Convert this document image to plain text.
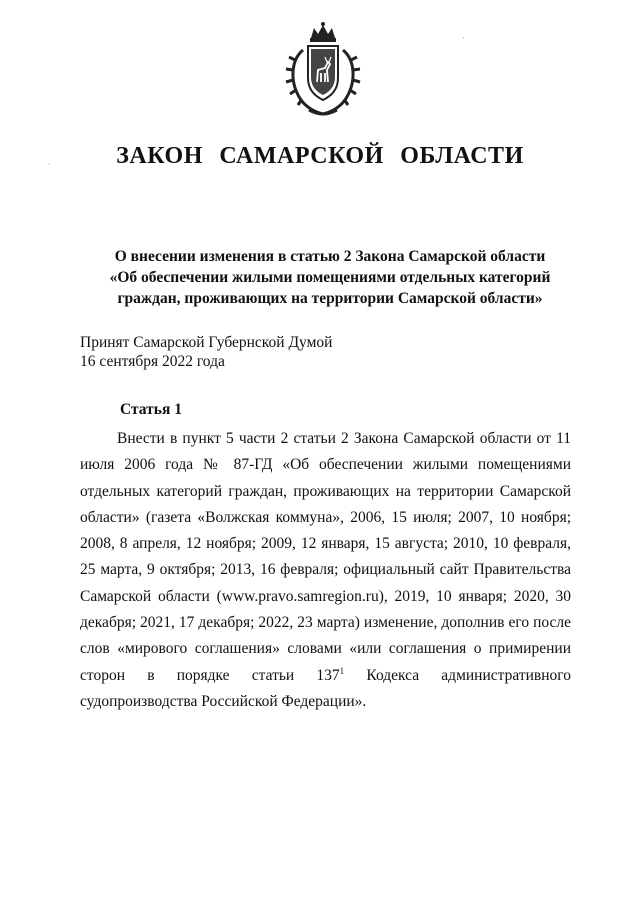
ЗАКОН САМАРСКОЙ ОБЛАСТИ
О внесении изменения в статью 2 Закона Самарской области
«Об обеспечении жилыми помещениями отдельных категорий
граждан, проживающих на территории Самарской области»
Принят Самарской Губернской Думой
16 сентября 2022 года
Статья 1
Внести в пункт 5 части 2 статьи 2 Закона Самарской области от 11 июля 2006 года № 87-ГД «Об обеспечении жилыми помещениями отдельных категорий граждан, проживающих на территории Самарской области» (газета «Волжская коммуна», 2006, 15 июля; 2007, 10 ноября; 2008, 8 апреля, 12 ноября; 2009, 12 января, 15 августа; 2010, 10 февраля, 25 марта, 9 октября; 2013, 16 февраля; официальный сайт Правительства Самарской области (www.pravo.samregion.ru), 2019, 10 января; 2020, 30 декабря; 2021, 17 декабря; 2022, 23 марта) изменение, дополнив его после слов «мирового соглашения» словами «или соглашения о примирении сторон в порядке статьи $137^1$ Кодекса административного судопроизводства Российской Федерации».
·
·
